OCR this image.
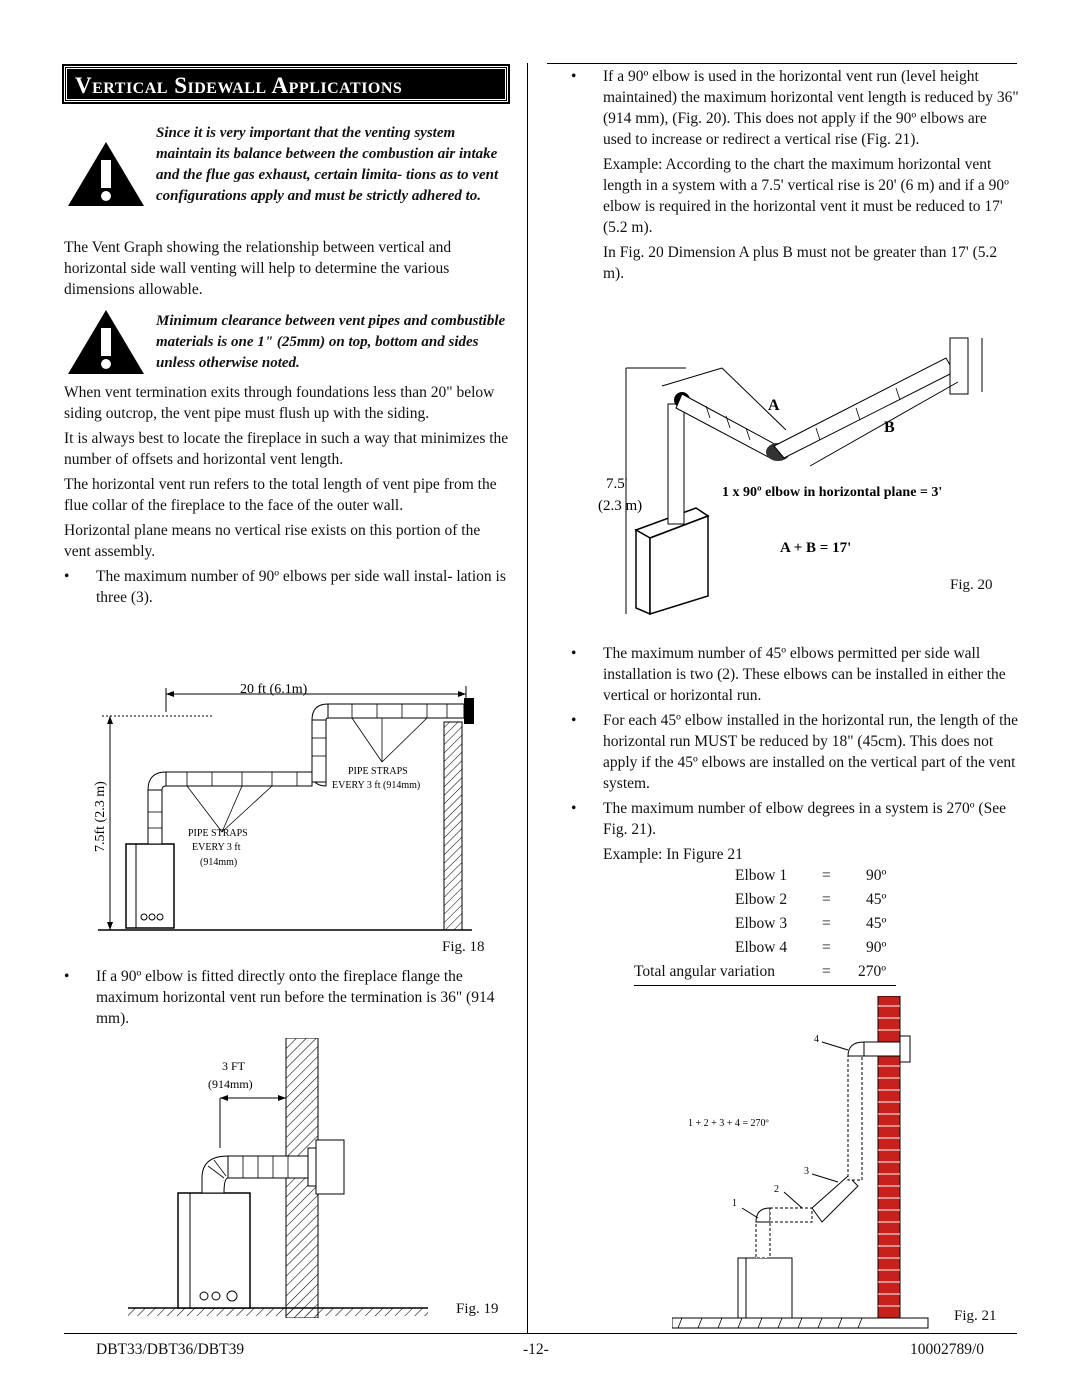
Vertical Sidewall Applications
Since it is very important that the venting system maintain its balance between the combustion air intake and the flue gas exhaust, certain limita- tions as to vent configurations apply and must be strictly adhered to.
The Vent Graph showing the relationship between vertical and horizontal side wall venting will help to determine the various dimensions allowable.
Minimum clearance between vent pipes and combustible materials is one 1" (25mm) on top, bottom and sides unless otherwise noted.

When vent termination exits through foundations less than 20" below siding outcrop, the vent pipe must flush up with the siding.

It is always best to locate the fireplace in such a way that minimizes the number of offsets and horizontal vent length.

The horizontal vent run refers to the total length of vent pipe from the flue collar of the fireplace to the face of the outer wall.

Horizontal plane means no vertical rise exists on this portion of the vent assembly.

• The maximum number of 90º elbows per side wall instal- lation is three (3).

20 ft (6.1m)
7.5ft (2.3 m)
PIPE STRAPS
EVERY 3 ft (914mm)
PIPE STRAPS
EVERY 3 ft
(914mm)
Fig. 18

• If a 90º elbow is fitted directly onto the fireplace flange the maximum horizontal vent run before the termination is 36" (914 mm).

3 FT
(914mm)
Fig. 19

• If a 90º elbow is used in the horizontal vent run (level height maintained) the maximum horizontal vent length is reduced by 36" (914 mm), (Fig. 20). This does not apply if the 90º elbows are used to increase or redirect a vertical rise (Fig. 21).

Example: According to the chart the maximum horizontal vent length in a system with a 7.5' vertical rise is 20' (6 m) and if a 90º elbow is required in the horizontal vent it must be reduced to 17' (5.2 m).

In Fig. 20 Dimension A plus B must not be greater than 17' (5.2 m).

A
B
7.5'
(2.3 m)
1 x 90º elbow in horizontal plane = 3'
A + B = 17'
Fig. 20

• The maximum number of 45º elbows permitted per side wall installation is two (2). These elbows can be installed in either the vertical or horizontal run.

• For each 45º elbow installed in the horizontal run, the length of the horizontal run MUST be reduced by 18" (45cm). This does not apply if the 45º elbows are installed on the vertical part of the vent system.

• The maximum number of elbow degrees in a system is 270º (See Fig. 21).

Example: In Figure 21

Elbow 1 = 90º
Elbow 2 = 45º
Elbow 3 = 45º
Elbow 4 = 90º
Total angular variation	= 270º
1
2
3
4
1 + 2 + 3 + 4 = 270º
Fig. 21
DBT33/DBT36/DBT39	-12-	10002789/0
